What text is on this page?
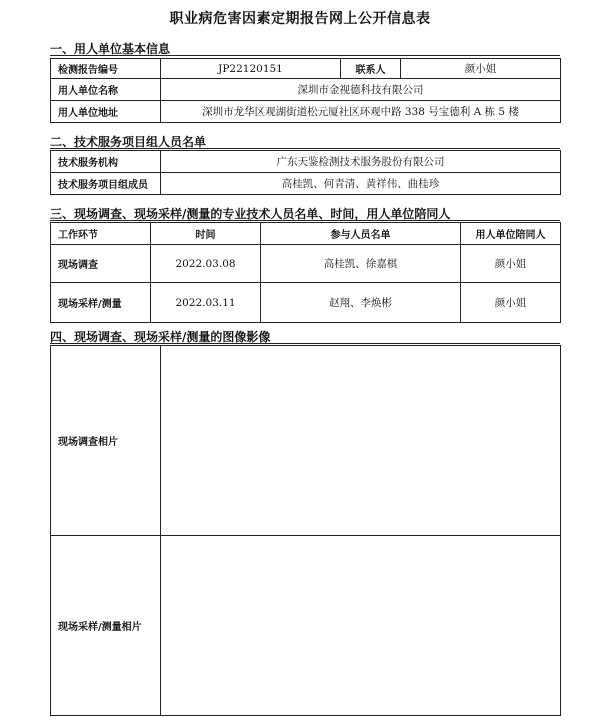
职业病危害因素定期报告网上公开信息表
一、用人单位基本信息
检测报告编号	JP22120151	联系人	颜小姐
用人单位名称	深圳市金视德科技有限公司		
用人单位地址	深圳市龙华区观湖街道松元厦社区环观中路 338 号宝德利 A 栋 5 楼		
二、技术服务项目组人员名单
技术服务机构	广东天鉴检测技术服务股份有限公司
技术服务项目组成员	高桂凯、何青清、黄祥伟、曲桂珍
三、现场调查、现场采样/测量的专业技术人员名单、时间，用人单位陪同人
工作环节	时间	参与人员名单	用人单位陪同人
现场调查	2022.03.08	高桂凯、徐嘉棋	颜小姐
现场采样/测量	2022.03.11	赵翔、李焕彬	颜小姐
四、现场调查、现场采样/测量的图像影像
现场调查相片	

现场采样/测量相片	
